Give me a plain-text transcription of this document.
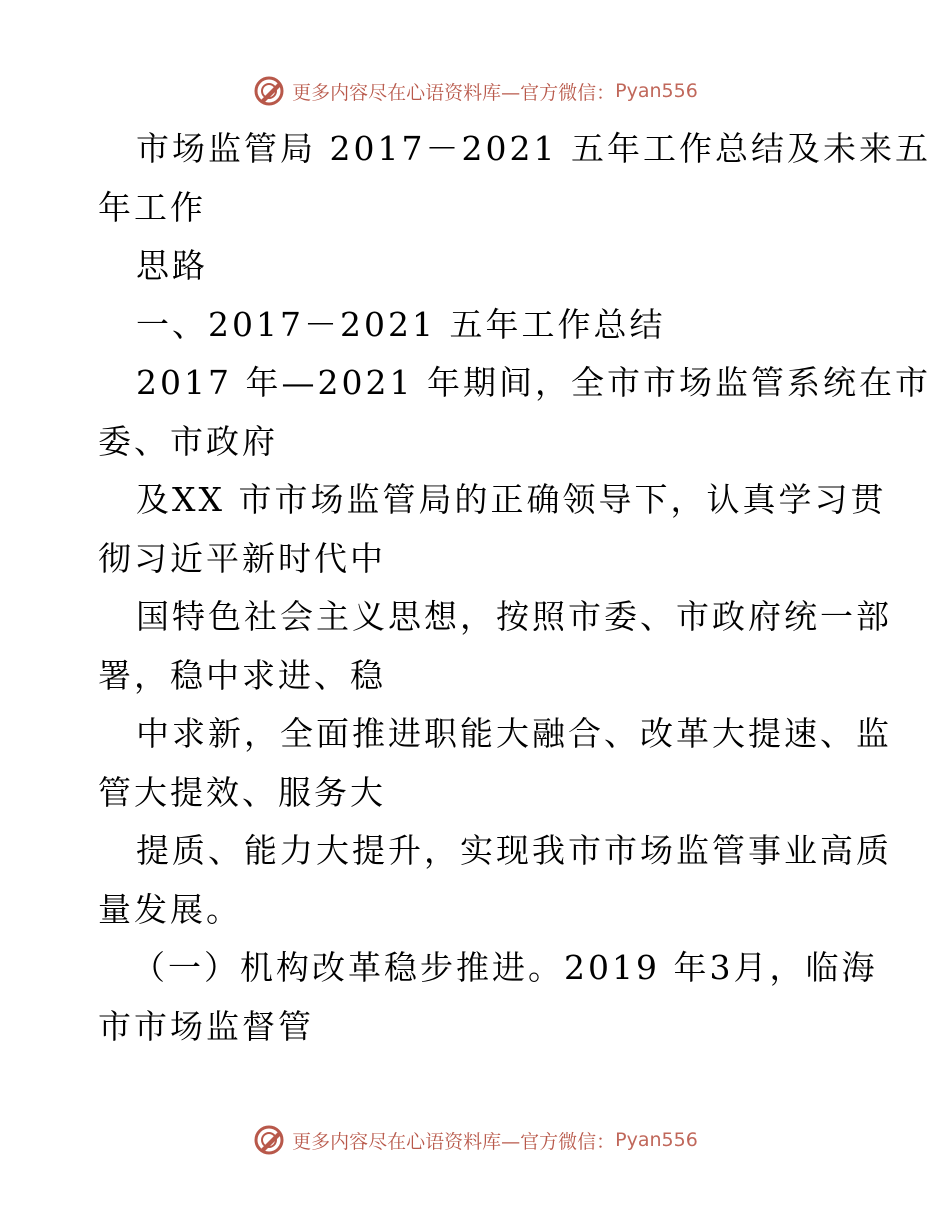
更多内容尽在心语资料库—官方微信： Pyan556
市场监管局 2017－2021 五年工作总结及未来五
年工作
思路
一、2017－2021 五年工作总结
2017 年—2021 年期间，全市市场监管系统在市
委、市政府
及XX 市市场监管局的正确领导下，认真学习贯
彻习近平新时代中
国特色社会主义思想，按照市委、市政府统一部
署，稳中求进、稳
中求新，全面推进职能大融合、改革大提速、监
管大提效、服务大
提质、能力大提升，实现我市市场监管事业高质
量发展。
（一）机构改革稳步推进。2019 年3月，临海
市市场监督管
更多内容尽在心语资料库—官方微信： Pyan556
